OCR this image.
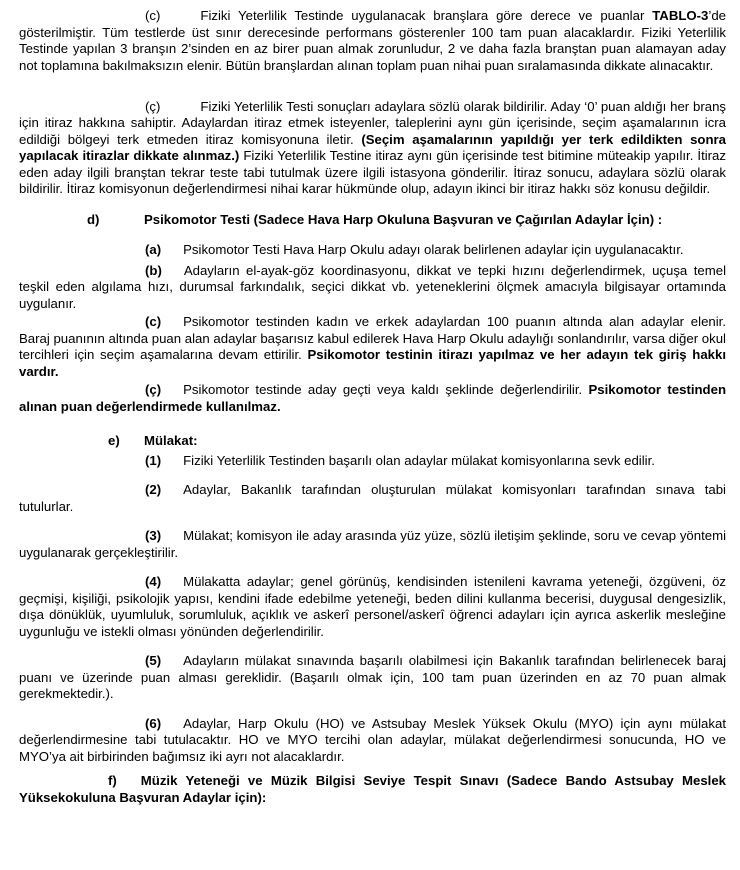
(c)	Fiziki Yeterlilik Testinde uygulanacak branşlara göre derece ve puanlar TABLO-3’de gösterilmiştir. Tüm testlerde üst sınır derecesinde performans gösterenler 100 tam puan alacaklardır. Fiziki Yeterlilik Testinde yapılan 3 branşın 2’sinden en az birer puan almak zorunludur, 2 ve daha fazla branştan puan alamayan aday not toplamına bakılmaksızın elenir. Bütün branşlardan alınan toplam puan nihai puan sıralamasında dikkate alınacaktır.

(ç)	Fiziki Yeterlilik Testi sonuçları adaylara sözlü olarak bildirilir. Aday ‘0’ puan aldığı her branş için itiraz hakkına sahiptir. Adaylardan itiraz etmek isteyenler, taleplerini aynı gün içerisinde, seçim aşamalarının icra edildiği bölgeyi terk etmeden itiraz komisyonuna iletir. (Seçim aşamalarının yapıldığı yer terk edildikten sonra yapılacak itirazlar dikkate alınmaz.) Fiziki Yeterlilik Testine itiraz aynı gün içerisinde test bitimine müteakip yapılır. İtiraz eden aday ilgili branştan tekrar teste tabi tutulmak üzere ilgili istasyona gönderilir. İtiraz sonucu, adaylara sözlü olarak bildirilir. İtiraz komisyonun değerlendirmesi nihai karar hükmünde olup, adayın ikinci bir itiraz hakkı söz konusu değildir.

d)	Psikomotor Testi (Sadece Hava Harp Okuluna Başvuran ve Çağırılan Adaylar İçin) :

(a) Psikomotor Testi Hava Harp Okulu adayı olarak belirlenen adaylar için uygulanacaktır.

(b) Adayların el-ayak-göz koordinasyonu, dikkat ve tepki hızını değerlendirmek, uçuşa temel teşkil eden algılama hızı, durumsal farkındalık, seçici dikkat vb. yeteneklerini ölçmek amacıyla bilgisayar ortamında uygulanır.

(c) Psikomotor testinden kadın ve erkek adaylardan 100 puanın altında alan adaylar elenir. Baraj puanının altında puan alan adaylar başarısız kabul edilerek Hava Harp Okulu adaylığı sonlandırılır, varsa diğer okul tercihleri için seçim aşamalarına devam ettirilir. Psikomotor testinin itirazı yapılmaz ve her adayın tek giriş hakkı vardır.

(ç) Psikomotor testinde aday geçti veya kaldı şeklinde değerlendirilir. Psikomotor testinden alınan puan değerlendirmede kullanılmaz.

e) Mülakat:

(1) Fiziki Yeterlilik Testinden başarılı olan adaylar mülakat komisyonlarına sevk edilir.

(2) Adaylar, Bakanlık tarafından oluşturulan mülakat komisyonları tarafından sınava tabi tutulurlar.

(3) Mülakat; komisyon ile aday arasında yüz yüze, sözlü iletişim şeklinde, soru ve cevap yöntemi uygulanarak gerçekleştirilir.

(4) Mülakatta adaylar; genel görünüş, kendisinden istenileni kavrama yeteneği, özgüveni, öz geçmişi, kişiliği, psikolojik yapısı, kendini ifade edebilme yeteneği, beden dilini kullanma becerisi, duygusal dengesizlik, dışa dönüklük, uyumluluk, sorumluluk, açıklık ve askerî personel/askerî öğrenci adayları için ayrıca askerlik mesleğine uygunluğu ve istekli olması yönünden değerlendirilir.

(5) Adayların mülakat sınavında başarılı olabilmesi için Bakanlık tarafından belirlenecek baraj puanı ve üzerinde puan alması gereklidir. (Başarılı olmak için, 100 tam puan üzerinden en az 70 puan almak gerekmektedir.).

(6) Adaylar, Harp Okulu (HO) ve Astsubay Meslek Yüksek Okulu (MYO) için aynı mülakat değerlendirmesine tabi tutulacaktır. HO ve MYO tercihi olan adaylar, mülakat değerlendirmesi sonucunda, HO ve MYO’ya ait birbirinden bağımsız iki ayrı not alacaklardır.

f) Müzik Yeteneği ve Müzik Bilgisi Seviye Tespit Sınavı (Sadece Bando Astsubay Meslek Yüksekokuluna Başvuran Adaylar için):
